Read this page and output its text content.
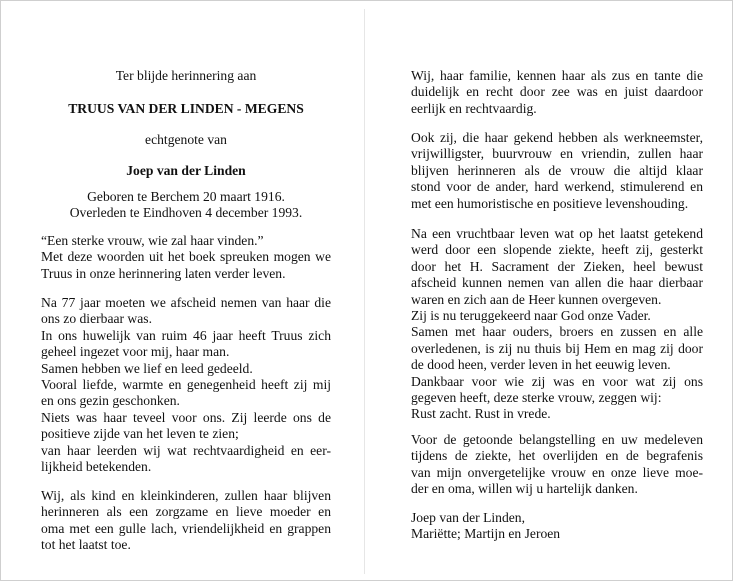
Ter blijde herinnering aan
TRUUS VAN DER LINDEN - MEGENS
echtgenote van
Joep van der Linden
Geboren te Berchem 20 maart 1916.
Overleden te Eindhoven 4 december 1993.
“Een sterke vrouw, wie zal haar vinden.”
Met deze woorden uit het boek spreuken mogen we
Truus in onze herinnering laten verder leven.
Na 77 jaar moeten we afscheid nemen van haar die
ons zo dierbaar was.
In ons huwelijk van ruim 46 jaar heeft Truus zich
geheel ingezet voor mij, haar man.
Samen hebben we lief en leed gedeeld.
Vooral liefde, warmte en genegenheid heeft zij mij
en ons gezin geschonken.
Niets was haar teveel voor ons. Zij leerde ons de
positieve zijde van het leven te zien;
van haar leerden wij wat rechtvaardigheid en eer-
lijkheid betekenden.
Wij, als kind en kleinkinderen, zullen haar blijven
herinneren als een zorgzame en lieve moeder en
oma met een gulle lach, vriendelijkheid en grappen
tot het laatst toe.
Wij, haar familie, kennen haar als zus en tante die
duidelijk en recht door zee was en juist daardoor
eerlijk en rechtvaardig.
Ook zij, die haar gekend hebben als werkneemster,
vrijwilligster, buurvrouw en vriendin, zullen haar
blijven herinneren als de vrouw die altijd klaar
stond voor de ander, hard werkend, stimulerend en
met een humoristische en positieve levenshouding.
Na een vruchtbaar leven wat op het laatst getekend
werd door een slopende ziekte, heeft zij, gesterkt
door het H. Sacrament der Zieken, heel bewust
afscheid kunnen nemen van allen die haar dierbaar
waren en zich aan de Heer kunnen overgeven.
Zij is nu teruggekeerd naar God onze Vader.
Samen met haar ouders, broers en zussen en alle
overledenen, is zij nu thuis bij Hem en mag zij door
de dood heen, verder leven in het eeuwig leven.
Dankbaar voor wie zij was en voor wat zij ons
gegeven heeft, deze sterke vrouw, zeggen wij:
Rust zacht. Rust in vrede.
Voor de getoonde belangstelling en uw medeleven
tijdens de ziekte, het overlijden en de begrafenis
van mijn onvergetelijke vrouw en onze lieve moe-
der en oma, willen wij u hartelijk danken.
Joep van der Linden,
Mariëtte; Martijn en Jeroen
